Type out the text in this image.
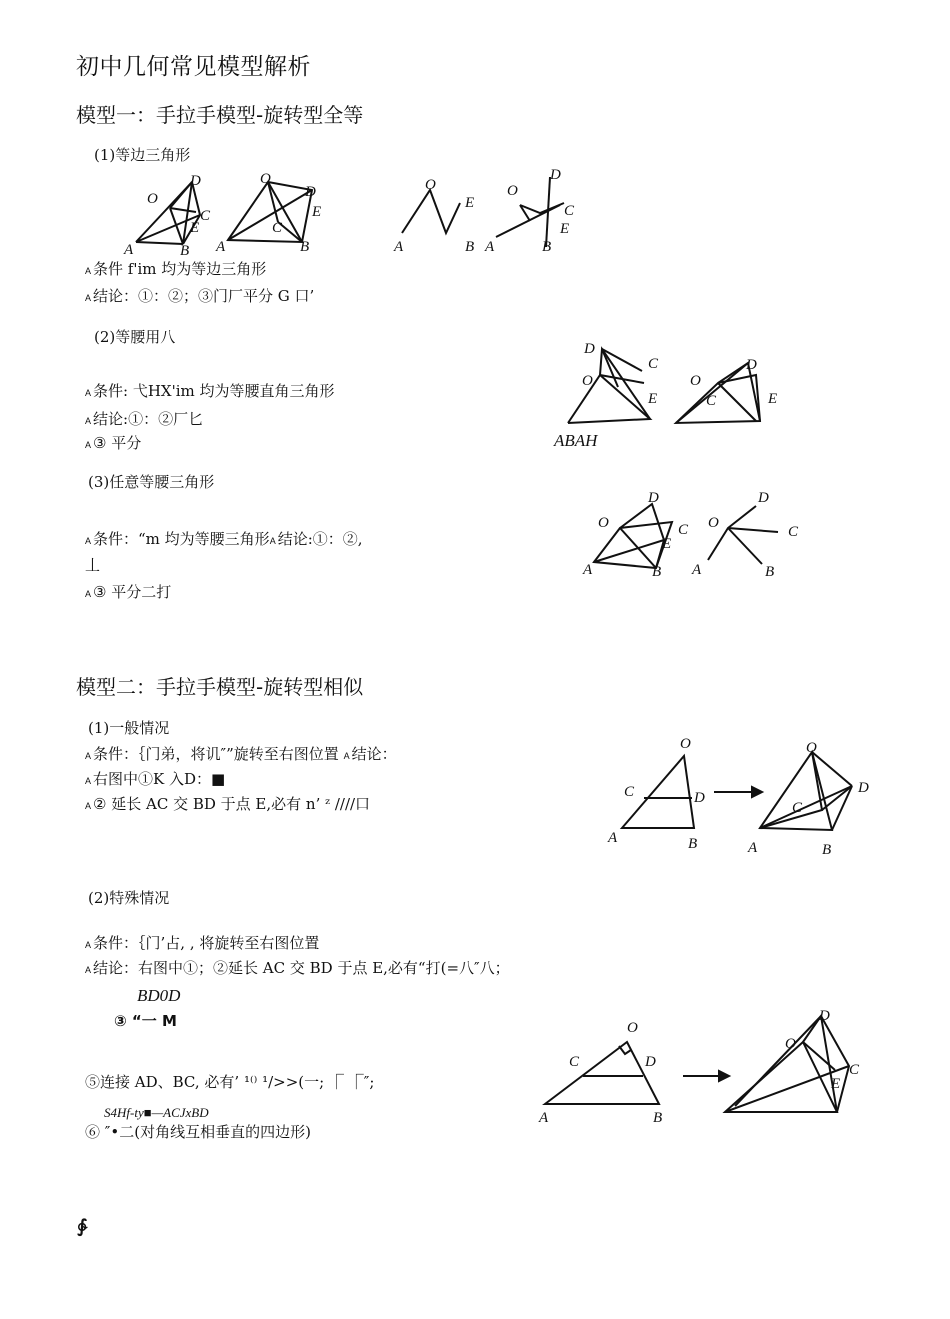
初中几何常见模型解析
模型一：手拉手模型-旋转型全等
(1)等边三角形
A 条件 f'im 均为等边三角形
A 结论：①：②；③门厂平分 G 口’
(2)等腰用八
A 条件: 弋HX'im 均为等腰直角三角形
A 结论:①：②厂匕
A ③ 平分
(3)任意等腰三角形
A 条件：“m 均为等腰三角形A 结论:①：②,
丄
A ③ 平分二打
模型二：手拉手模型-旋转型相似
(1)一般情况
A 条件：｛门弟，将讥″”旋转至右图位置 A 结论：
A 右图中①K 入D：■
A ② 延长 AC 交 BD 于点 E,必有 n’ ᶻ ////口
(2)特殊情况
A 条件：｛门’占, , 将旋转至右图位置
A 结论：右图中①；②延长 AC 交 BD 于点 E,必有“打(=八″八；
BD0D
③ “一 M
⑤连接 AD、BC, 必有’ ¹⁽⁾ ¹/>>(一; ⎾ ⎾″;
S4Hf-ty■—ACJxBD
⑥ ″•二(对角线互相垂直的四边形)
∲
A	B
D
O
C
E
A	B
O
D
E
C
A
O
E
B A
O
D
C
E
B
D
O
C
E
O
D
E
C
ABAH
A	B
O
D
C
E
A	B
O
D
C
A	B
O
C	D
A	B
O
D
C
A	B
O
C	D
O
D
C
E
